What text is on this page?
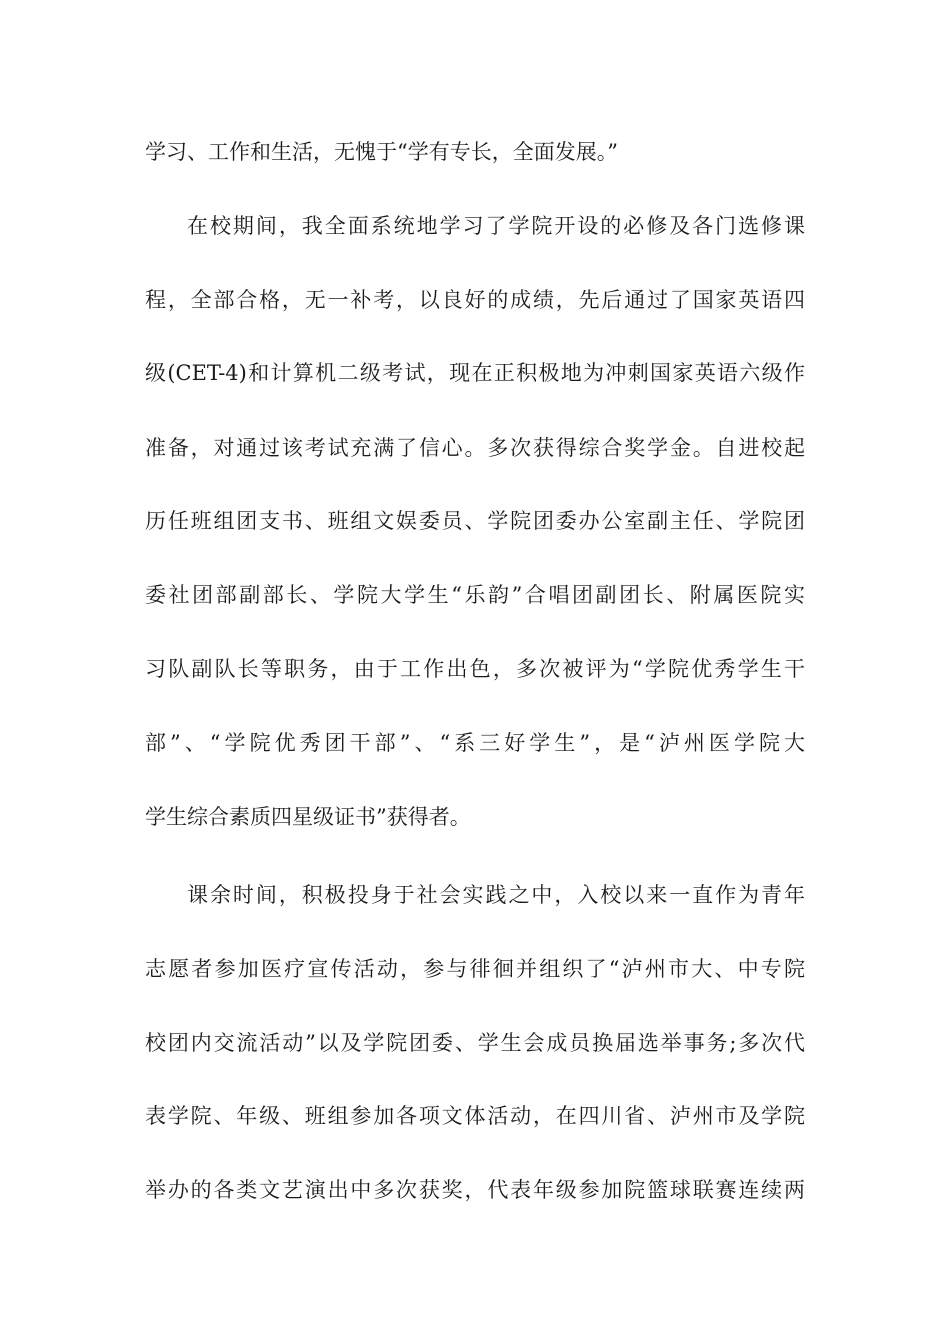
学习、工作和生活，无愧于“学有专长，全面发展。”
在校期间，我全面系统地学习了学院开设的必修及各门选修课
程，全部合格，无一补考，以良好的成绩，先后通过了国家英语四
级(CET-4)和计算机二级考试，现在正积极地为冲刺国家英语六级作
准备，对通过该考试充满了信心。多次获得综合奖学金。自进校起
历任班组团支书、班组文娱委员、学院团委办公室副主任、学院团
委社团部副部长、学院大学生“乐韵”合唱团副团长、附属医院实
习队副队长等职务，由于工作出色，多次被评为“学院优秀学生干
部”、“学院优秀团干部”、“系三好学生”，是“泸州医学院大
学生综合素质四星级证书”获得者。
课余时间，积极投身于社会实践之中，入校以来一直作为青年
志愿者参加医疗宣传活动，参与徘徊并组织了“泸州市大、中专院
校团内交流活动”以及学院团委、学生会成员换届选举事务;多次代
表学院、年级、班组参加各项文体活动，在四川省、泸州市及学院
举办的各类文艺演出中多次获奖，代表年级参加院篮球联赛连续两
